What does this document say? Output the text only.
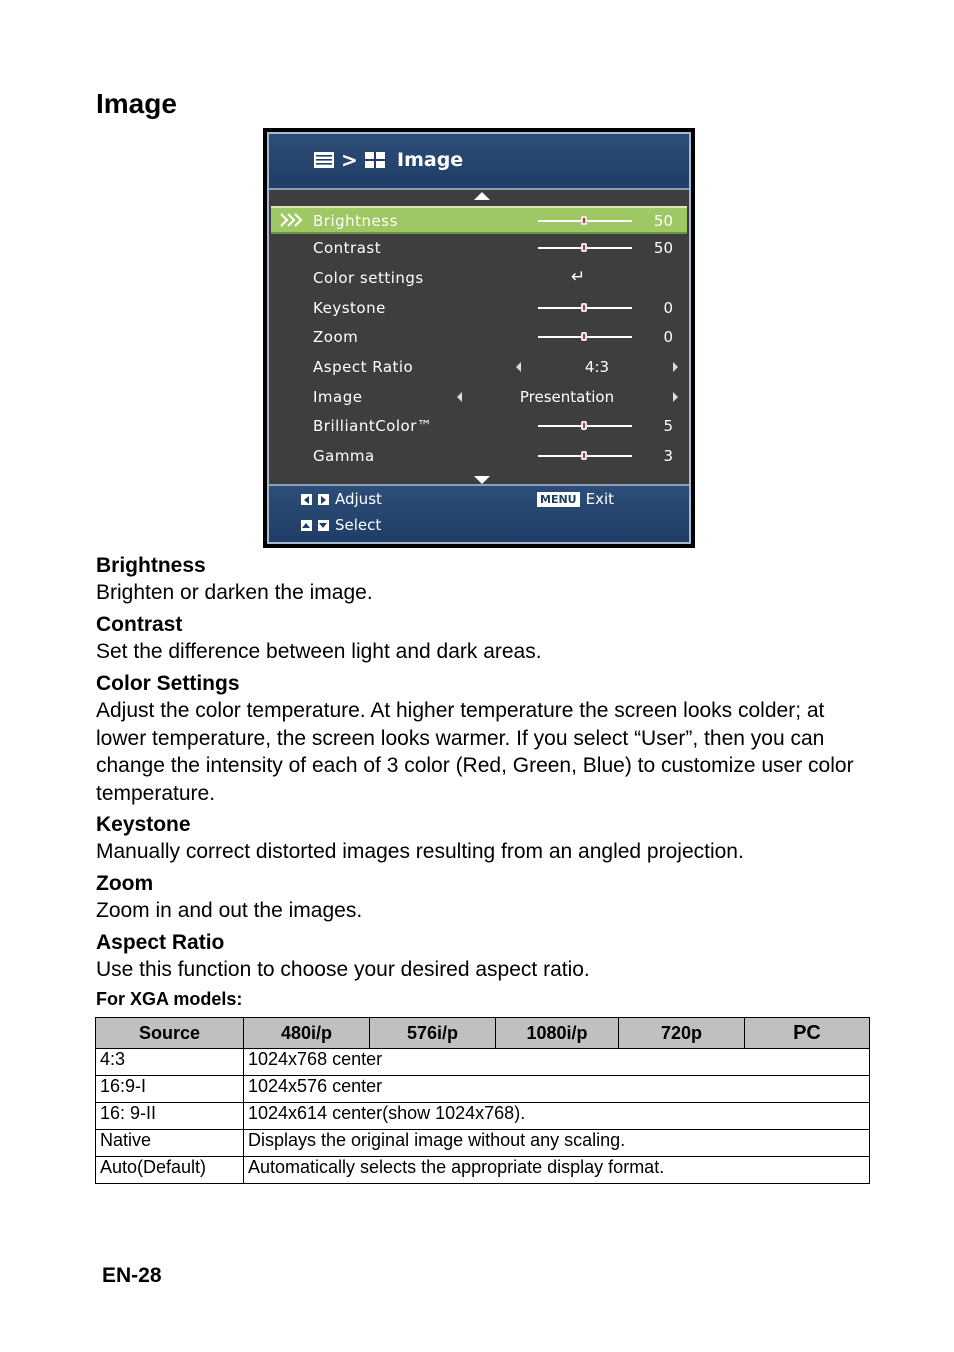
Image
> Image
Brightness	50
Contrast	50
Color settings	↵
Keystone	0
Zoom	0
Aspect Ratio	4:3
Image	Presentation
BrilliantColor™	5
Gamma	3
Adjust
Select
MENU Exit
Brightness
Brighten or darken the image.
Contrast
Set the difference between light and dark areas.
Color Settings
Adjust the color temperature. At higher temperature the screen looks colder; at lower temperature, the screen looks warmer. If you select “User”, then you can change the intensity of each of 3 color (Red, Green, Blue) to customize user color temperature.
Keystone
Manually correct distorted images resulting from an angled projection.
Zoom
Zoom in and out the images.
Aspect Ratio
Use this function to choose your desired aspect ratio.
For XGA models:
Source	480i/p	576i/p	1080i/p	720p	PC
4:3	1024x768 center				
16:9-I	1024x576 center				
16: 9-II	1024x614 center(show 1024x768).				
Native	Displays the original image without any scaling.				
Auto(Default)	Automatically selects the appropriate display format.				
EN-28
